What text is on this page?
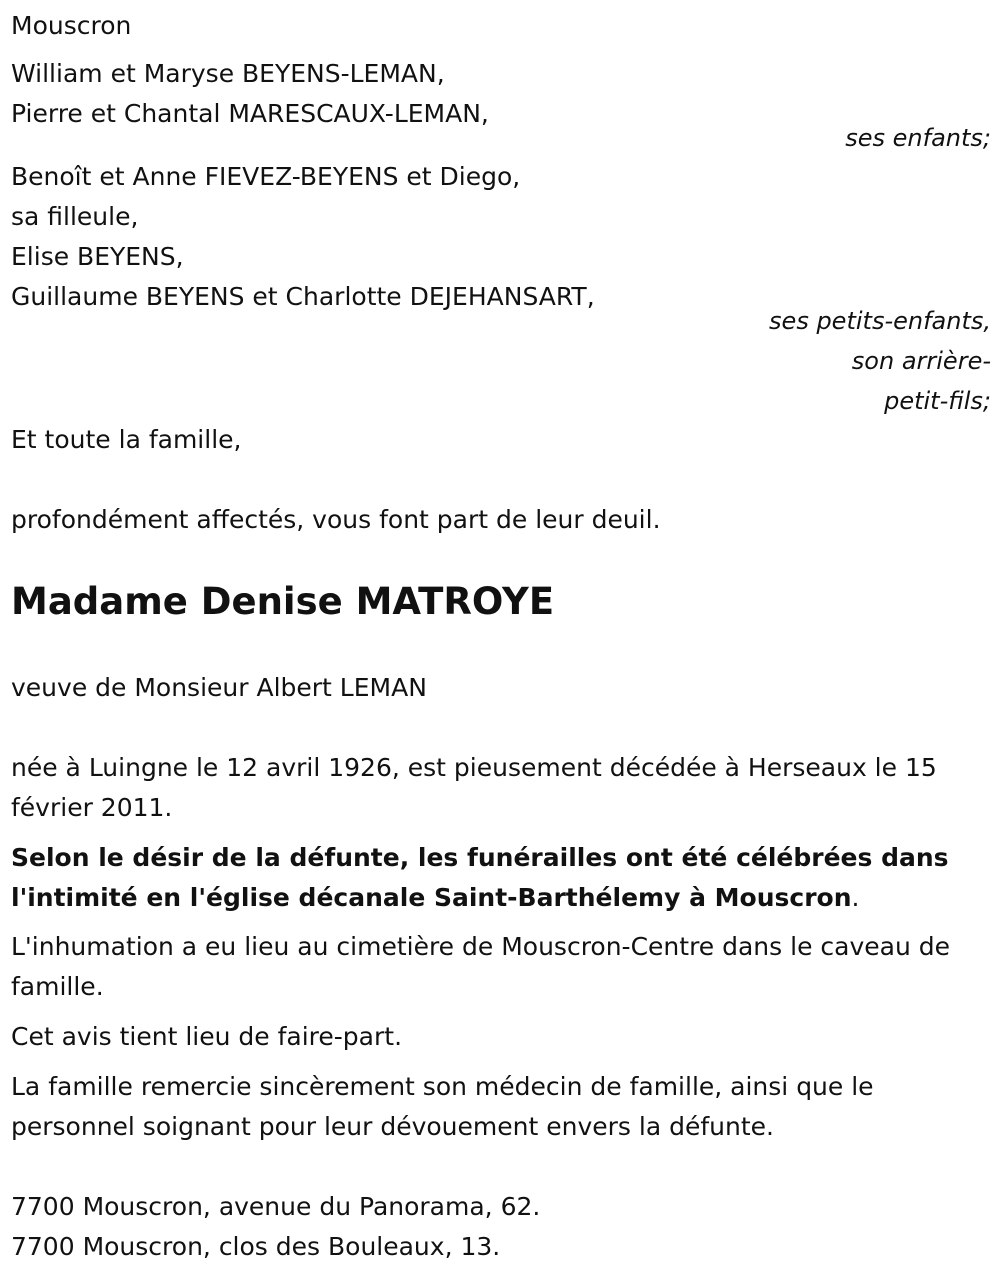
Mouscron
William et Maryse BEYENS-LEMAN,
Pierre et Chantal MARESCAUX-LEMAN,
ses enfants;
Benoît et Anne FIEVEZ-BEYENS et Diego,
sa filleule,
Elise BEYENS,
Guillaume BEYENS et Charlotte DEJEHANSART,
ses petits-enfants,
son arrière-
petit-fils;
Et toute la famille,
profondément affectés, vous font part de leur deuil.
Madame Denise MATROYE
veuve de Monsieur Albert LEMAN
née à Luingne le 12 avril 1926, est pieusement décédée à Herseaux le 15 février 2011.
Selon le désir de la défunte, les funérailles ont été célébrées dans l'intimité en l'église décanale Saint-Barthélemy à Mouscron.
L'inhumation a eu lieu au cimetière de Mouscron-Centre dans le caveau de famille.
Cet avis tient lieu de faire-part.
La famille remercie sincèrement son médecin de famille, ainsi que le personnel soignant pour leur dévouement envers la défunte.
7700 Mouscron, avenue du Panorama, 62.
7700 Mouscron, clos des Bouleaux, 13.
